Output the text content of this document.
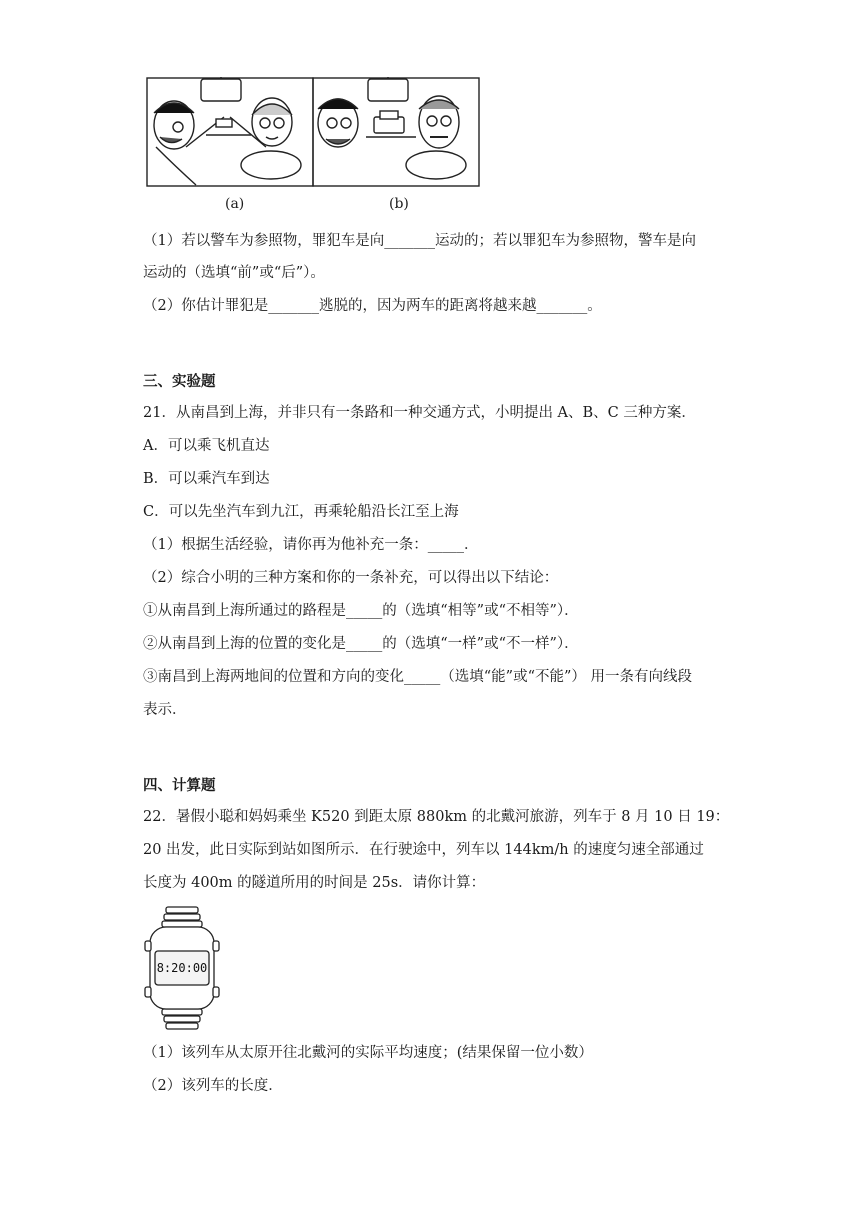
(a)	(b)
（1）若以警车为参照物，罪犯车是向_______运动的；若以罪犯车为参照物，警车是向
运动的（选填“前”或“后”）。
（2）你估计罪犯是_______逃脱的，因为两车的距离将越来越_______。
三、实验题
21．从南昌到上海，并非只有一条路和一种交通方式，小明提出 A、B、C 三种方案．
A．可以乘飞机直达
B．可以乘汽车到达
C．可以先坐汽车到九江，再乘轮船沿长江至上海
（1）根据生活经验，请你再为他补充一条：_____．
（2）综合小明的三种方案和你的一条补充，可以得出以下结论：
①从南昌到上海所通过的路程是_____的（选填“相等”或“不相等”）．
②从南昌到上海的位置的变化是_____的（选填“一样”或“不一样”）．
③南昌到上海两地间的位置和方向的变化_____（选填“能”或“不能”） 用一条有向线段
表示．
四、计算题
22．暑假小聪和妈妈乘坐 K520 到距太原 880km 的北戴河旅游，列车于 8 月 10 日 19：
20 出发，此日实际到站如图所示．在行驶途中，列车以 144km/h 的速度匀速全部通过
长度为 400m 的隧道所用的时间是 25s．请你计算：
8:20:00
（1）该列车从太原开往北戴河的实际平均速度；(结果保留一位小数）
（2）该列车的长度．
